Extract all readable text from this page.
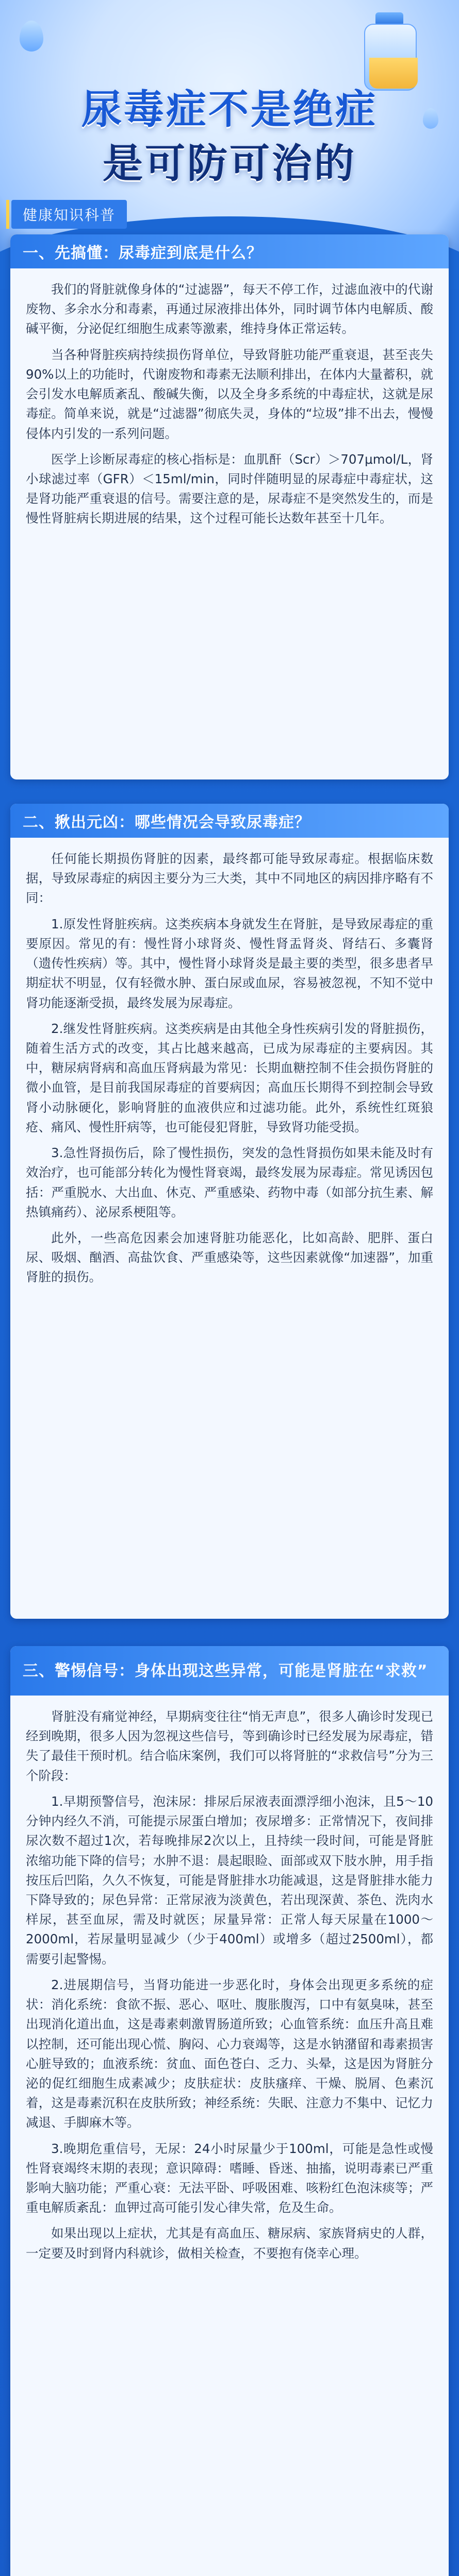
尿毒症不是绝症
是可防可治的
健康知识科普
一、先搞懂：尿毒症到底是什么？

我们的肾脏就像身体的“过滤器”，每天不停工作，过滤血液中的代谢废物、多余水分和毒素，再通过尿液排出体外，同时调节体内电解质、酸碱平衡，分泌促红细胞生成素等激素，维持身体正常运转。

当各种肾脏疾病持续损伤肾单位，导致肾脏功能严重衰退，甚至丧失90%以上的功能时，代谢废物和毒素无法顺利排出，在体内大量蓄积，就会引发水电解质紊乱、酸碱失衡，以及全身多系统的中毒症状，这就是尿毒症。简单来说，就是“过滤器”彻底失灵，身体的“垃圾”排不出去，慢慢侵体内引发的一系列问题。

医学上诊断尿毒症的核心指标是：血肌酐（Scr）＞707μmol/L，肾小球滤过率（GFR）＜15ml/min，同时伴随明显的尿毒症中毒症状，这是肾功能严重衰退的信号。需要注意的是，尿毒症不是突然发生的，而是慢性肾脏病长期进展的结果，这个过程可能长达数年甚至十几年。

二、揪出元凶：哪些情况会导致尿毒症？

任何能长期损伤肾脏的因素，最终都可能导致尿毒症。根据临床数据，导致尿毒症的病因主要分为三大类，其中不同地区的病因排序略有不同：

1.原发性肾脏疾病。这类疾病本身就发生在肾脏，是导致尿毒症的重要原因。常见的有：慢性肾小球肾炎、慢性肾盂肾炎、肾结石、多囊肾（遗传性疾病）等。其中，慢性肾小球肾炎是最主要的类型，很多患者早期症状不明显，仅有轻微水肿、蛋白尿或血尿，容易被忽视，不知不觉中肾功能逐渐受损，最终发展为尿毒症。

2.继发性肾脏疾病。这类疾病是由其他全身性疾病引发的肾脏损伤，随着生活方式的改变，其占比越来越高，已成为尿毒症的主要病因。其中，糖尿病肾病和高血压肾病最为常见：长期血糖控制不佳会损伤肾脏的微小血管，是目前我国尿毒症的首要病因；高血压长期得不到控制会导致肾小动脉硬化，影响肾脏的血液供应和过滤功能。此外，系统性红斑狼疮、痛风、慢性肝病等，也可能侵犯肾脏，导致肾功能受损。

3.急性肾损伤后，除了慢性损伤，突发的急性肾损伤如果未能及时有效治疗，也可能部分转化为慢性肾衰竭，最终发展为尿毒症。常见诱因包括：严重脱水、大出血、休克、严重感染、药物中毒（如部分抗生素、解热镇痛药）、泌尿系梗阻等。

此外，一些高危因素会加速肾脏功能恶化，比如高龄、肥胖、蛋白尿、吸烟、酗酒、高盐饮食、严重感染等，这些因素就像“加速器”，加重肾脏的损伤。

三、警惕信号：身体出现这些异常，可能是肾脏在“求救”

肾脏没有痛觉神经，早期病变往往“悄无声息”，很多人确诊时发现已经到晚期，很多人因为忽视这些信号，等到确诊时已经发展为尿毒症，错失了最佳干预时机。结合临床案例，我们可以将肾脏的“求救信号”分为三个阶段：

1.早期预警信号，泡沫尿：排尿后尿液表面漂浮细小泡沫，且5～10分钟内经久不消，可能提示尿蛋白增加；夜尿增多：正常情况下，夜间排尿次数不超过1次，若每晚排尿2次以上，且持续一段时间，可能是肾脏浓缩功能下降的信号；水肿不退：晨起眼睑、面部或双下肢水肿，用手指按压后凹陷，久久不恢复，可能是肾脏排水功能减退，这是肾脏排水能力下降导致的；尿色异常：正常尿液为淡黄色，若出现深黄、茶色、洗肉水样尿，甚至血尿，需及时就医；尿量异常：正常人每天尿量在1000～2000ml，若尿量明显减少（少于400ml）或增多（超过2500ml），都需要引起警惕。

2.进展期信号，当肾功能进一步恶化时，身体会出现更多系统的症状：消化系统：食欲不振、恶心、呕吐、腹胀腹泻，口中有氨臭味，甚至出现消化道出血，这是毒素刺激胃肠道所致；心血管系统：血压升高且难以控制，还可能出现心慌、胸闷、心力衰竭等，这是水钠潴留和毒素损害心脏导致的；血液系统：贫血、面色苍白、乏力、头晕，这是因为肾脏分泌的促红细胞生成素减少；皮肤症状：皮肤瘙痒、干燥、脱屑、色素沉着，这是毒素沉积在皮肤所致；神经系统：失眠、注意力不集中、记忆力减退、手脚麻木等。

3.晚期危重信号，无尿：24小时尿量少于100ml，可能是急性或慢性肾衰竭终末期的表现；意识障碍：嗜睡、昏迷、抽搐，说明毒素已严重影响大脑功能；严重心衰：无法平卧、呼吸困难、咳粉红色泡沫痰等；严重电解质紊乱：血钾过高可能引发心律失常，危及生命。

如果出现以上症状，尤其是有高血压、糖尿病、家族肾病史的人群，一定要及时到肾内科就诊，做相关检查，不要抱有侥幸心理。
